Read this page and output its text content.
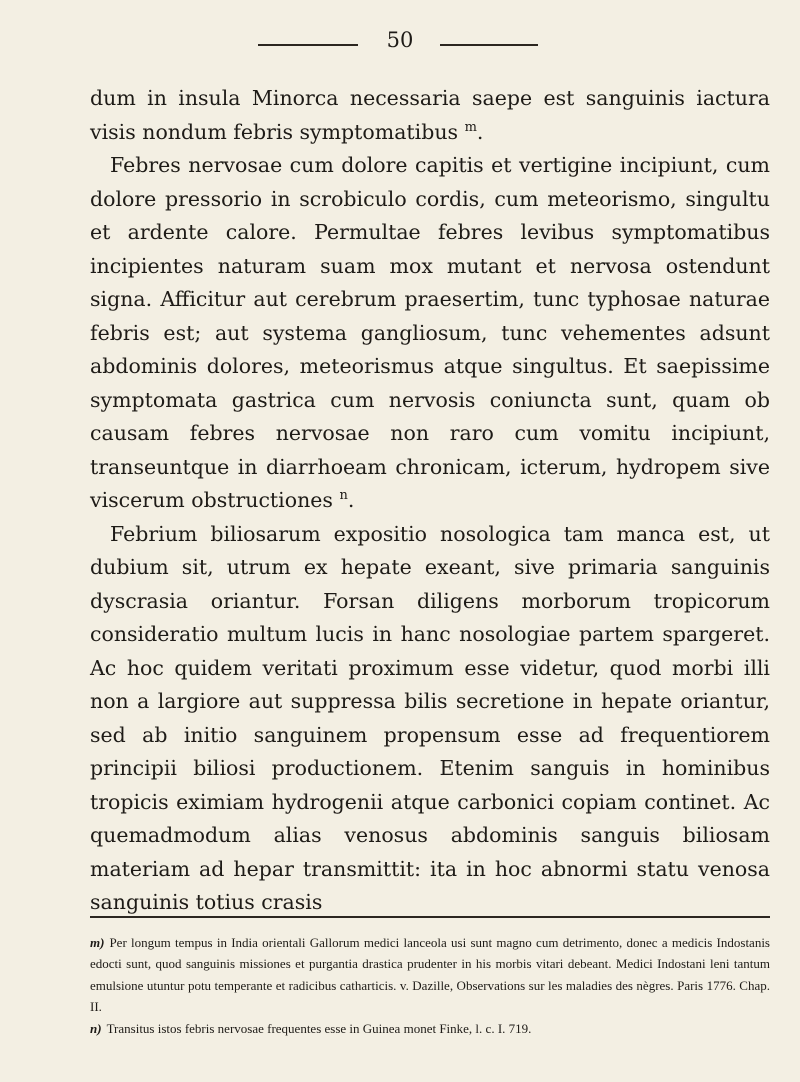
50

dum in insula Minorca necessaria saepe est sanguinis iactura visis nondum febris symptomatibus $^m$.

Febres nervosae cum dolore capitis et vertigine incipiunt, cum dolore pressorio in scrobiculo cordis, cum meteorismo, singultu et ardente calore. Permultae febres levibus symptomatibus incipientes naturam suam mox mutant et nervosa ostendunt signa. Afficitur aut cerebrum praesertim, tunc typhosae naturae febris est; aut systema gangliosum, tunc vehementes adsunt abdominis dolores, meteorismus atque singultus. Et saepissime symptomata gastrica cum nervosis coniuncta sunt, quam ob causam febres nervosae non raro cum vomitu incipiunt, transeuntque in diarrhoeam chronicam, icterum, hydropem sive viscerum obstructiones $^n$.

Febrium biliosarum expositio nosologica tam manca est, ut dubium sit, utrum ex hepate exeant, sive primaria sanguinis dyscrasia oriantur. Forsan diligens morborum tropicorum consideratio multum lucis in hanc nosologiae partem spargeret. Ac hoc quidem veritati proximum esse videtur, quod morbi illi non a largiore aut suppressa bilis secretione in hepate oriantur, sed ab initio sanguinem propensum esse ad frequentiorem principii biliosi productionem. Etenim sanguis in hominibus tropicis eximiam hydrogenii atque carbonici copiam continet. Ac quemadmodum alias venosus abdominis sanguis biliosam materiam ad hepar transmittit: ita in hoc abnormi statu venosa sanguinis totius crasis

m) Per longum tempus in India orientali Gallorum medici lanceola usi sunt magno cum detrimento, donec a medicis Indostanis edocti sunt, quod sanguinis missiones et purgantia drastica prudenter in his morbis vitari debeant. Medici Indostani leni tantum emulsione utuntur potu temperante et radicibus catharticis. v. Dazille, Observations sur les maladies des nègres. Paris 1776. Chap. II.

n) Transitus istos febris nervosae frequentes esse in Guinea monet Finke, l. c. I. 719.
